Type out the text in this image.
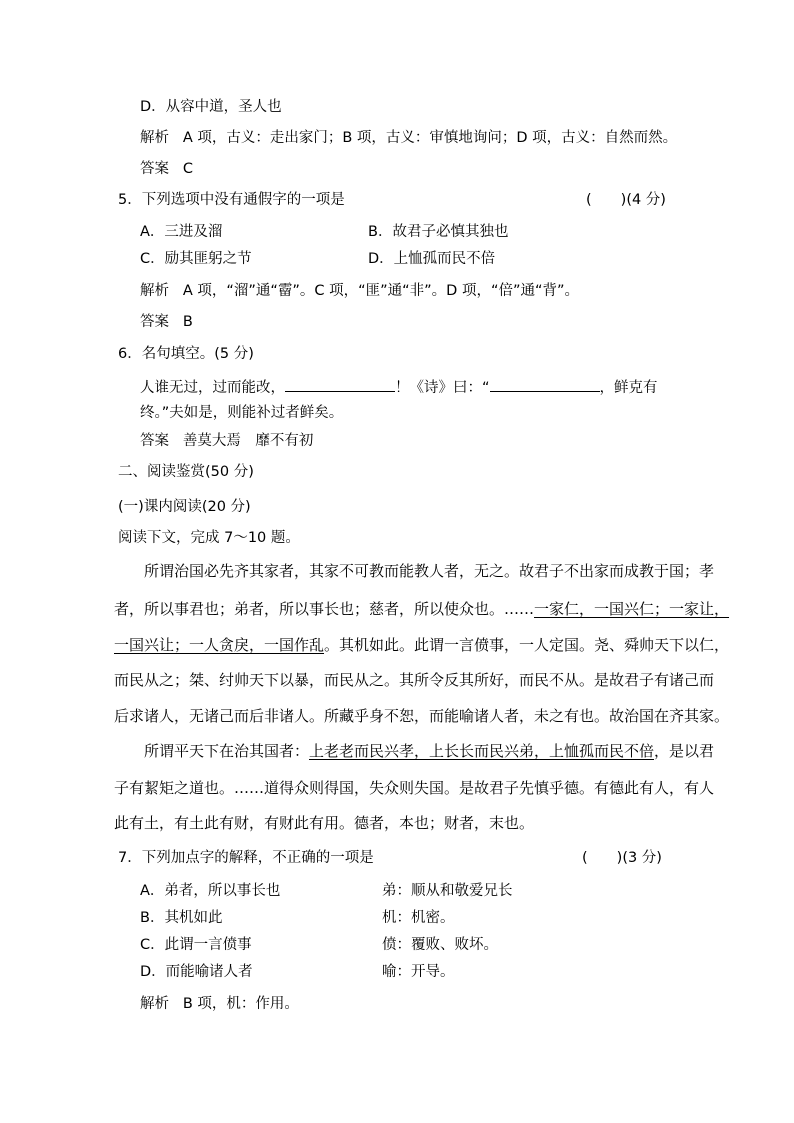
D．从容中道，圣人也
解析 A 项，古义：走出家门；B 项，古义：审慎地询问；D 项，古义：自然而然。
答案 C
5．下列选项中没有通假字的一项是	(　　)(4 分)
A．三进及溜	B．故君子必慎其独也
C．励其匪躬之节	D．上恤孤而民不倍
解析 A 项，“溜”通“霤”。C 项，“匪”通“非”。D 项，“倍”通“背”。
答案 B
6．名句填空。(5 分)
人谁无过，过而能改，	！《诗》曰：“	，鲜克有
终。”夫如是，则能补过者鲜矣。
答案 善莫大焉　靡不有初
二、阅读鉴赏(50 分)
(一)课内阅读(20 分)
阅读下文，完成 7～10 题。
所谓治国必先齐其家者，其家不可教而能教人者，无之。故君子不出家而成教于国；孝
者，所以事君也；弟者，所以事长也；慈者，所以使众也。……一家仁，一国兴仁；一家让，
一国兴让；一人贪戾，一国作乱。其机如此。此谓一言偾事，一人定国。尧、舜帅天下以仁，
而民从之；桀、纣帅天下以暴，而民从之。其所令反其所好，而民不从。是故君子有诸己而
后求诸人，无诸己而后非诸人。所藏乎身不恕，而能喻诸人者，未之有也。故治国在齐其家。
所谓平天下在治其国者：上老老而民兴孝，上长长而民兴弟，上恤孤而民不倍，是以君
子有絜矩之道也。……道得众则得国，失众则失国。是故君子先慎乎德。有德此有人，有人
此有土，有土此有财，有财此有用。德者，本也；财者，末也。
7．下列加点字的解释，不正确的一项是	(　　)(3 分)
A．弟者，所以事长也	弟：顺从和敬爱兄长
B．其机如此	机：机密。
C．此谓一言偾事	偾：覆败、败坏。
D．而能喻诸人者	喻：开导。
解析 B 项，机：作用。
